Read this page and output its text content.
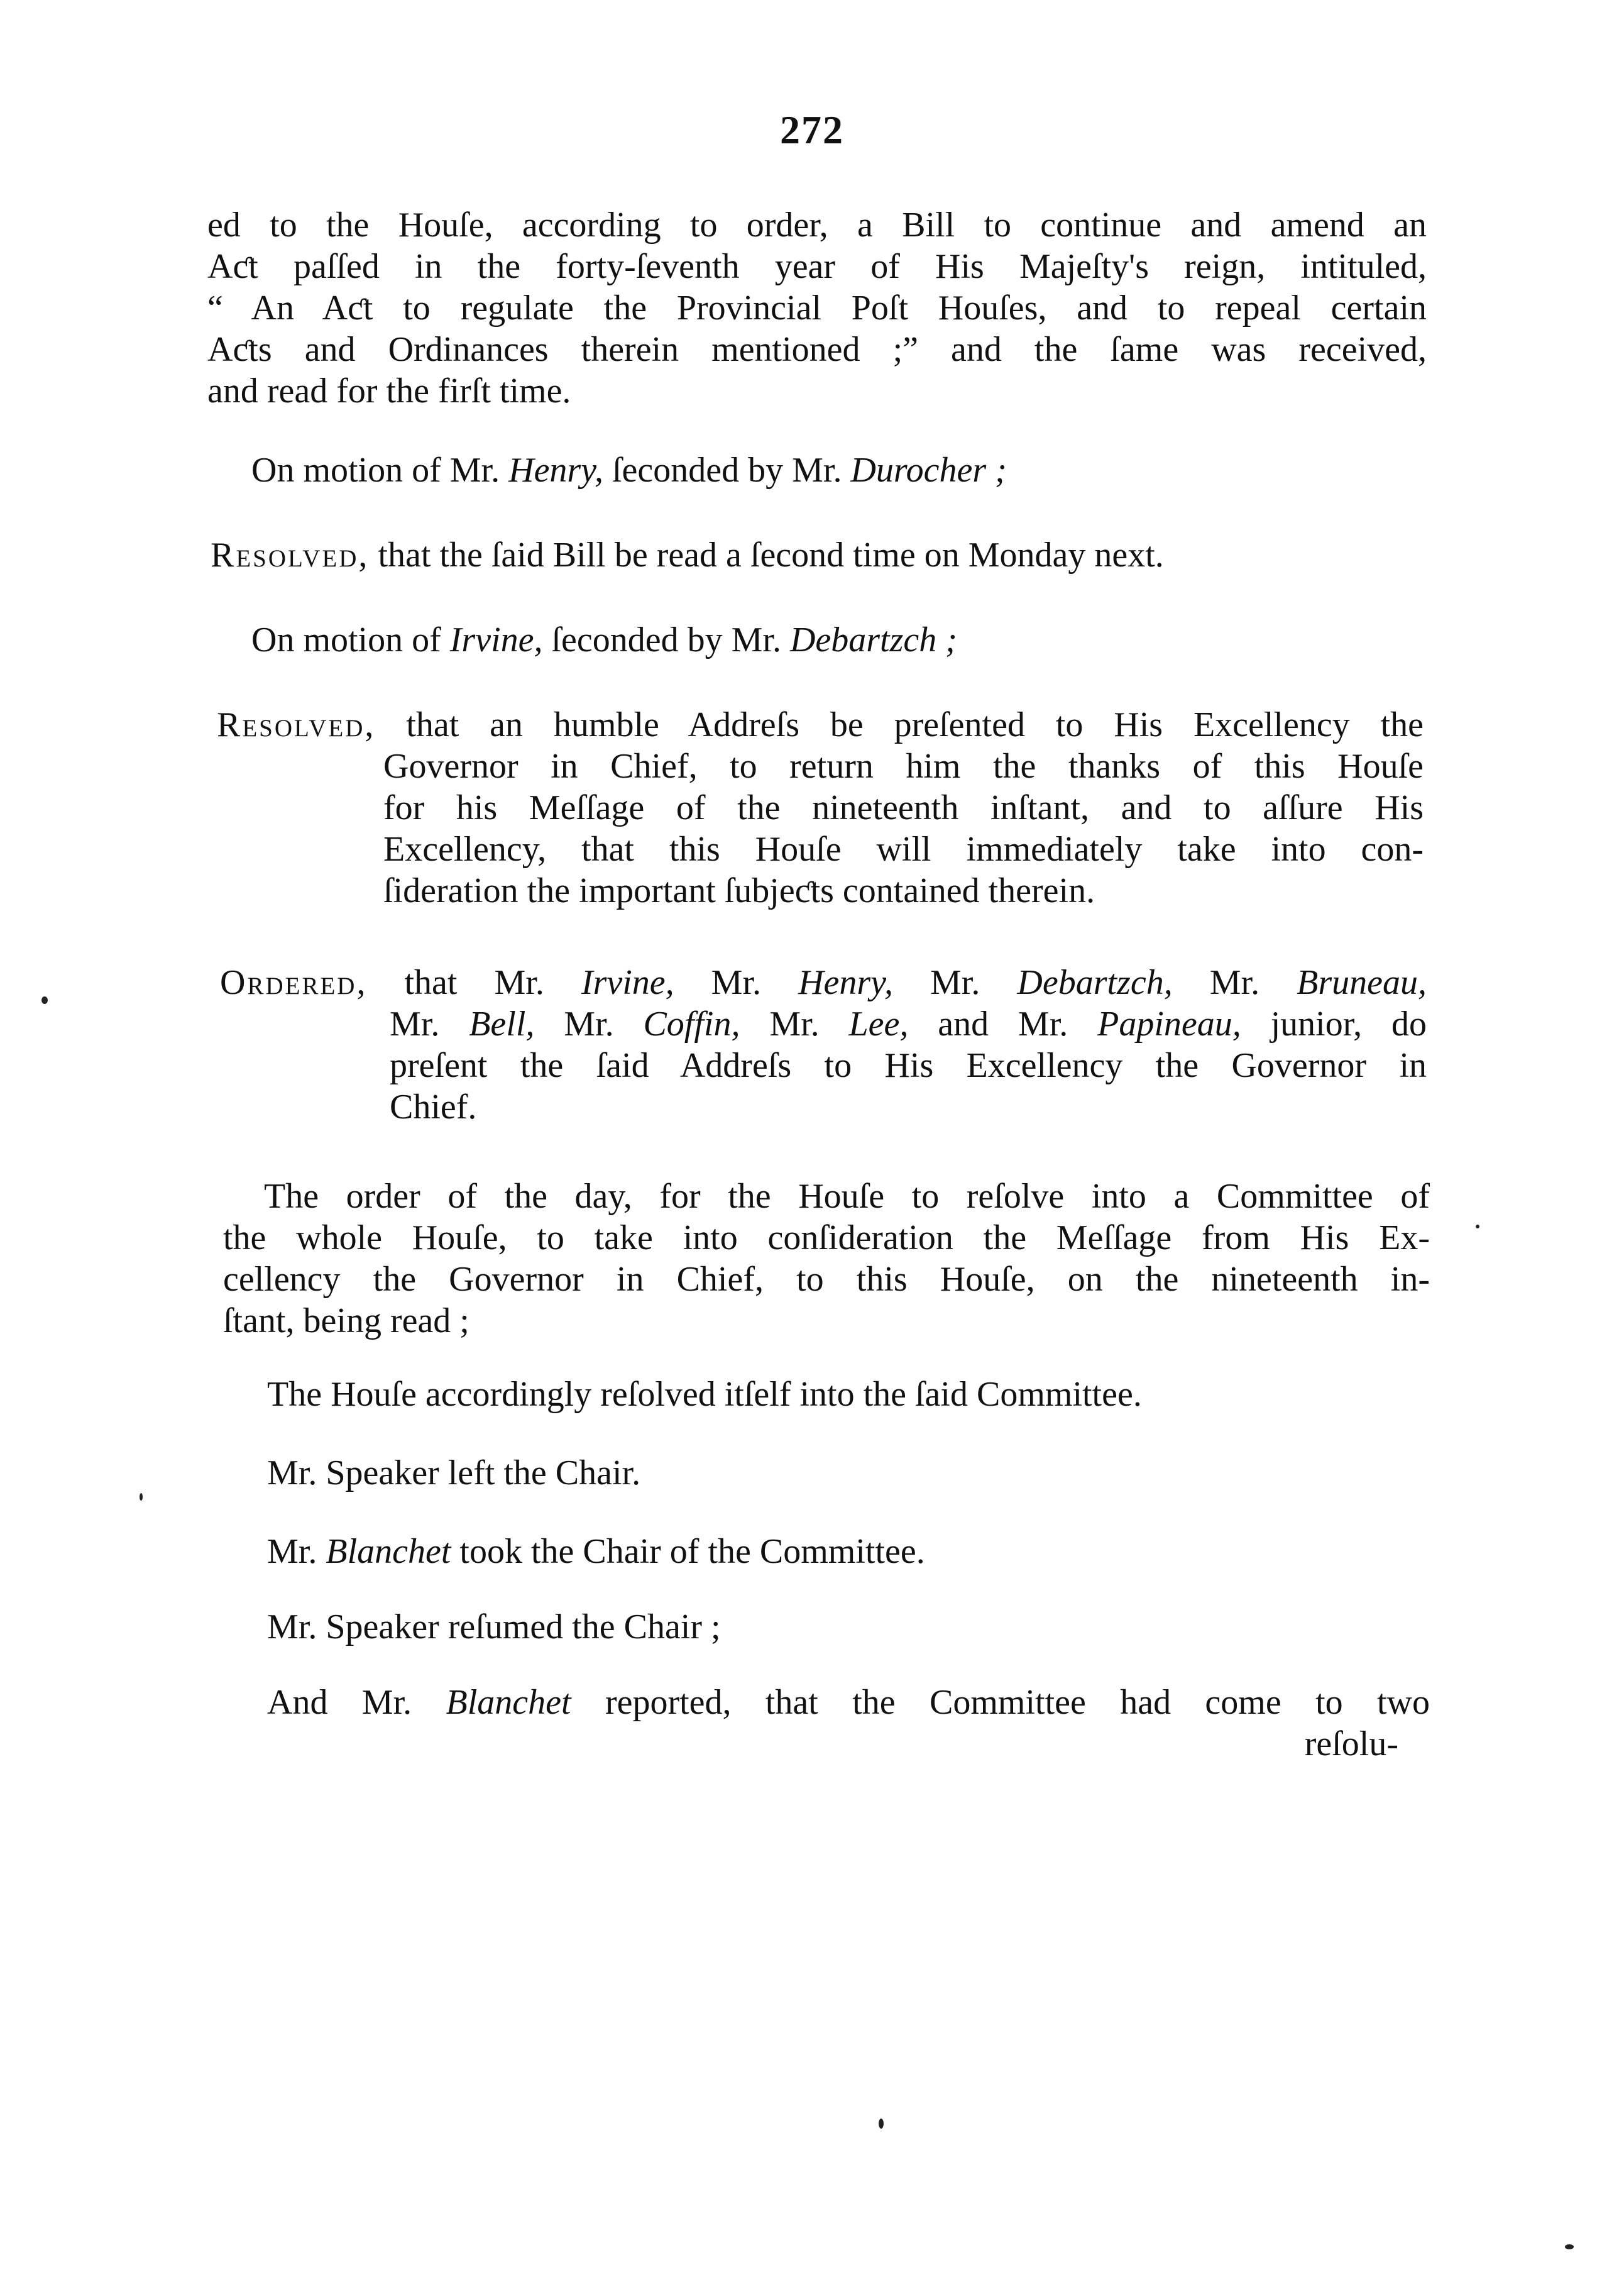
272
ed to the Houſe, according to order, a Bill to continue and amend an
Aƈt paſſed in the forty-ſeventh year of His Majeſty's reign, intituled,
“ An Aƈt to regulate the Provincial Poſt Houſes, and to repeal certain
Aƈts and Ordinances therein mentioned ;” and the ſame was received,
and read for the firſt time.
On motion of Mr. Henry, ſeconded by Mr. Durocher ;
Resolved, that the ſaid Bill be read a ſecond time on Monday next.
On motion of Irvine, ſeconded by Mr. Debartzch ;
Resolved, that an humble Addreſs be preſented to His Excellency the
Governor in Chief, to return him the thanks of this Houſe
for his Meſſage of the nineteenth inſtant, and to aſſure His
Excellency, that this Houſe will immediately take into con-
ſideration the important ſubjeƈts contained therein.
Ordered, that Mr. Irvine, Mr. Henry, Mr. Debartzch, Mr. Bruneau,
Mr. Bell, Mr. Coffin, Mr. Lee, and Mr. Papineau, junior, do
preſent the ſaid Addreſs to His Excellency the Governor in
Chief.
The order of the day, for the Houſe to reſolve into a Committee of
the whole Houſe, to take into conſideration the Meſſage from His Ex-
cellency the Governor in Chief, to this Houſe, on the nineteenth in-
ſtant, being read ;
The Houſe accordingly reſolved itſelf into the ſaid Committee.
Mr. Speaker left the Chair.
Mr. Blanchet took the Chair of the Committee.
Mr. Speaker reſumed the Chair ;
And Mr. Blanchet reported, that the Committee had come to two
reſolu-
